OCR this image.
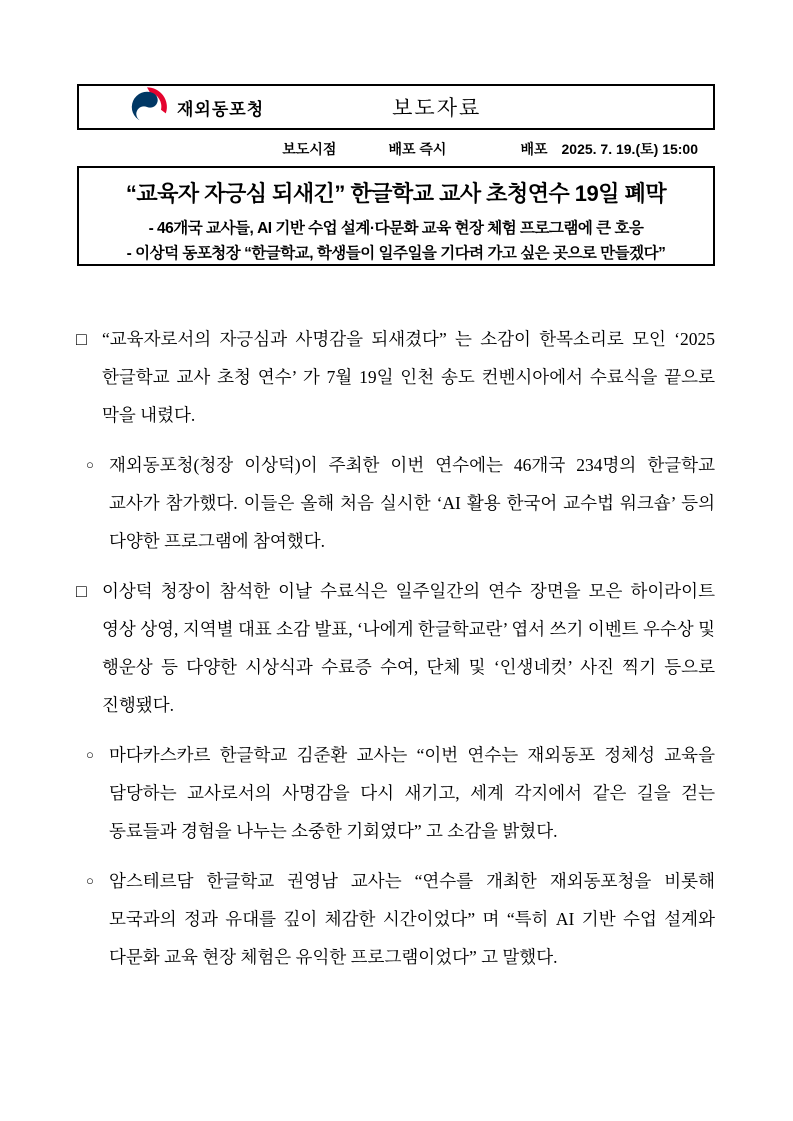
재외동포청	보도자료
보도시점	배포 즉시	배포 2025. 7. 19.(토) 15:00
“교육자 자긍심 되새긴” 한글학교 교사 초청연수 19일 폐막
- 46개국 교사들, AI 기반 수업 설계·다문화 교육 현장 체험 프로그램에 큰 호응
- 이상덕 동포청장 “한글학교, 학생들이 일주일을 기다려 가고 싶은 곳으로 만들겠다”
□ “교육자로서의 자긍심과 사명감을 되새겼다” 는 소감이 한목소리로 모인 ‘2025 한글학교 교사 초청 연수’ 가 7월 19일 인천 송도 컨벤시아에서 수료식을 끝으로 막을 내렸다.
○ 재외동포청(청장 이상덕)이 주최한 이번 연수에는 46개국 234명의 한글학교 교사가 참가했다. 이들은 올해 처음 실시한 ‘AI 활용 한국어 교수법 워크숍’ 등의 다양한 프로그램에 참여했다.
□ 이상덕 청장이 참석한 이날 수료식은 일주일간의 연수 장면을 모은 하이라이트 영상 상영, 지역별 대표 소감 발표, ‘나에게 한글학교란’ 엽서 쓰기 이벤트 우수상 및 행운상 등 다양한 시상식과 수료증 수여, 단체 및 ‘인생네컷’ 사진 찍기 등으로 진행됐다.
○ 마다카스카르 한글학교 김준환 교사는 “이번 연수는 재외동포 정체성 교육을 담당하는 교사로서의 사명감을 다시 새기고, 세계 각지에서 같은 길을 걷는 동료들과 경험을 나누는 소중한 기회였다” 고 소감을 밝혔다.
○ 암스테르담 한글학교 권영남 교사는 “연수를 개최한 재외동포청을 비롯해 모국과의 정과 유대를 깊이 체감한 시간이었다” 며 “특히 AI 기반 수업 설계와 다문화 교육 현장 체험은 유익한 프로그램이었다” 고 말했다.
